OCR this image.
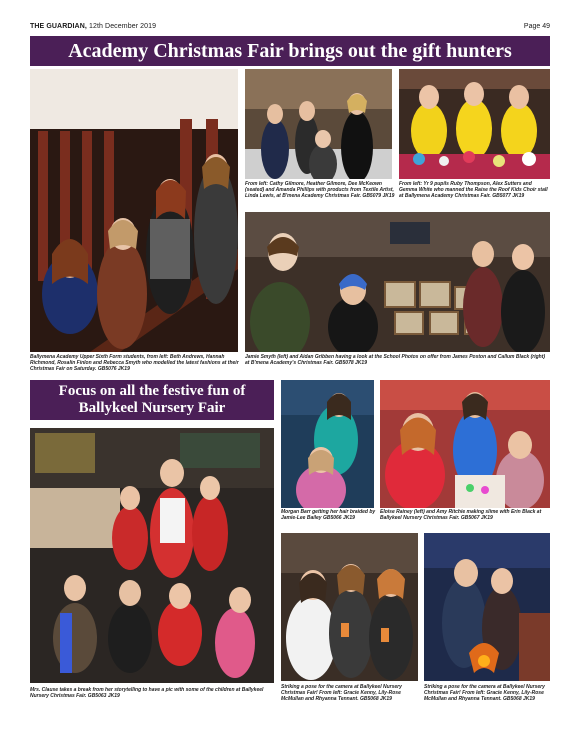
THE GUARDIAN, 12th December 2019	Page 49
Academy Christmas Fair brings out the gift hunters
Ballymena Academy Upper Sixth Form students, from left: Beth Andrews, Hannah Richmond, Rosalin Finlon and Rebecca Smyth who modelled the latest fashions at their Christmas Fair on Saturday. GB5076 JK19
From left: Cathy Gilmore, Heather Gilmore, Dee McKeown (seated) and Amanda Phillips with products from Textile Artist, Linda Lewis, at B'mena Academy Christmas Fair. GB5079 JK19
From left: Yr 9 pupils Ruby Thompson, Alex Sutters and Gemma White who manned the Raise the Roof Kids Choir stall at Ballymena Academy Christmas Fair. GB5077 JK19
Jamie Smyth (left) and Aidan Gribben having a look at the School Photos on offer from James Poston and Callum Black (right) at B'mena Academy's Christmas Fair. GB5078 JK19
Focus on all the festive fun of
Ballykeel Nursery Fair
Mrs. Clause takes a break from her storytelling to have a pic with some of the children at Ballykeel Nursery Christmas Fair. GB5063 JK19
Morgan Barr getting her hair braided by Jamie-Lee Bailey GB5066 JK19
Eloise Rainey (left) and Amy Ritchie making slime with Erin Black at Ballykeel Nursery Christmas Fair. GB5067 JK19
Striking a pose for the camera at Ballykeel Nursery Christmas Fair! From left: Gracie Kenny, Lily-Rose McMullan and Rhyanna Tennant. GB5068 JK19
Striking a pose for the camera at Ballykeel Nursery Christmas Fair! From left: Gracie Kenny, Lily-Rose McMullan and Rhyanna Tennant. GB5068 JK19
